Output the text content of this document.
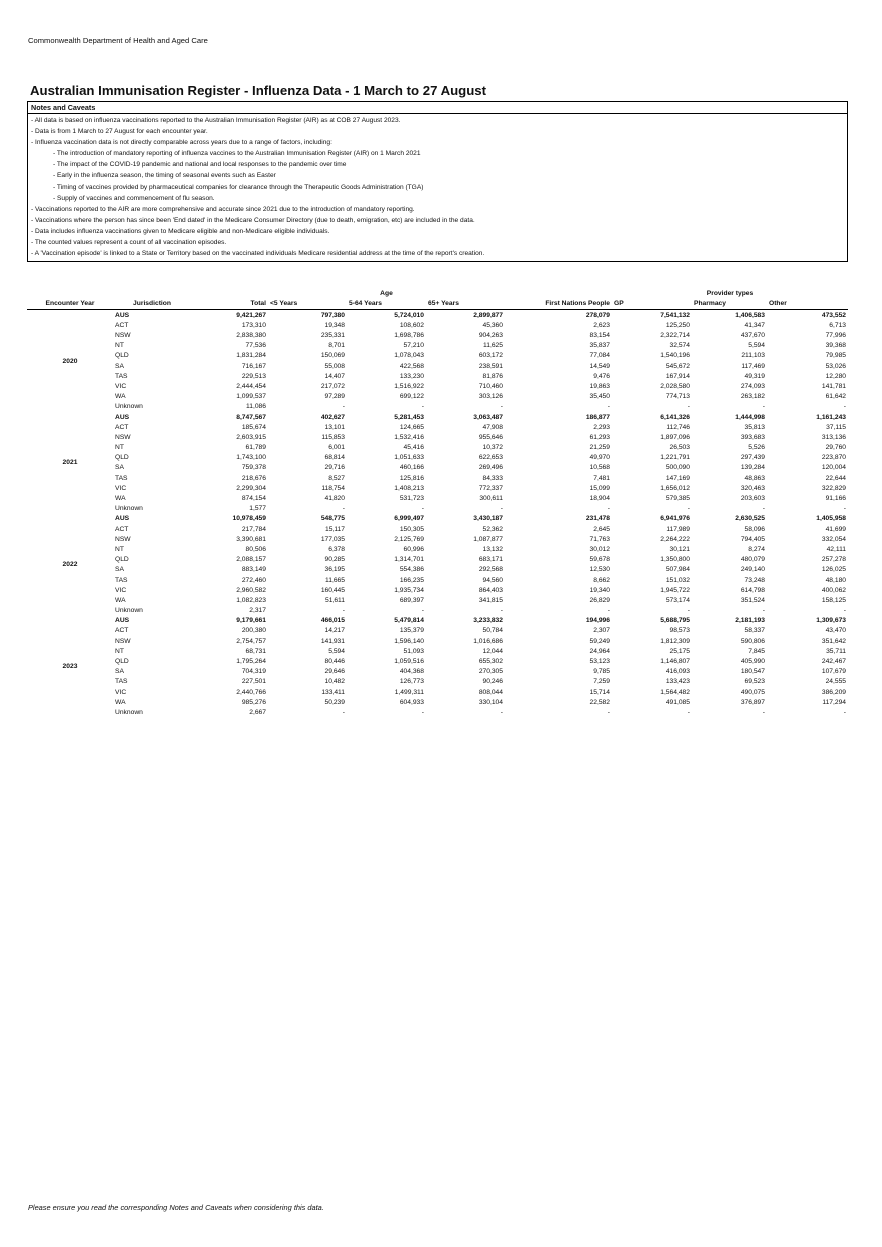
Commonwealth Department of Health and Aged Care
Australian Immunisation Register - Influenza Data - 1 March to 27 August
Notes and Caveats
- All data is based on influenza vaccinations reported to the Australian Immunisation Register (AIR) as at COB 27 August 2023.
- Data is from 1 March to 27 August for each encounter year.
- Influenza vaccination data is not directly comparable across years due to a range of factors, including:
- The introduction of mandatory reporting of influenza vaccines to the Australian Immunisation Register (AIR) on 1 March 2021
- The impact of the COVID-19 pandemic and national and local responses to the pandemic over time
- Early in the influenza season, the timing of seasonal events such as Easter
- Timing of vaccines provided by pharmaceutical companies for clearance through the Therapeutic Goods Administration (TGA)
- Supply of vaccines and commencement of flu season.
- Vaccinations reported to the AIR are more comprehensive and accurate since 2021 due to the introduction of mandatory reporting.
- Vaccinations where the person has since been 'End dated' in the Medicare Consumer Directory (due to death, emigration, etc) are included in the data.
- Data includes influenza vaccinations given to Medicare eligible and non-Medicare eligible individuals.
- The counted values represent a count of all vaccination episodes.
- A 'Vaccination episode' is linked to a State or Territory based on the vaccinated individuals Medicare residential address at the time of the report's creation.
			Age				Provider types		
Encounter Year	Jurisdiction	Total	<5 Years	5-64 Years	65+ Years	First Nations People	GP	Pharmacy	Other
2020	AUS	9,421,267	797,380	5,724,010	2,899,877	278,079	7,541,132	1,406,583	473,552
	ACT	173,310	19,348	108,602	45,360	2,623	125,250	41,347	6,713
	NSW	2,838,380	235,331	1,698,786	904,263	83,154	2,322,714	437,670	77,996
	NT	77,536	8,701	57,210	11,625	35,837	32,574	5,594	39,368
	QLD	1,831,284	150,069	1,078,043	603,172	77,084	1,540,196	211,103	79,985
	SA	716,167	55,008	422,568	238,591	14,549	545,672	117,469	53,026
	TAS	229,513	14,407	133,230	81,876	9,476	167,914	49,319	12,280
	VIC	2,444,454	217,072	1,516,922	710,460	19,863	2,028,580	274,093	141,781
	WA	1,099,537	97,289	699,122	303,126	35,450	774,713	263,182	61,642
	Unknown	11,086	-	-	-	-	-	-	-
2021	AUS	8,747,567	402,627	5,281,453	3,063,487	186,877	6,141,326	1,444,998	1,161,243
	ACT	185,674	13,101	124,665	47,908	2,293	112,746	35,813	37,115
	NSW	2,603,915	115,853	1,532,416	955,646	61,293	1,897,096	393,683	313,136
	NT	61,789	6,001	45,416	10,372	21,259	26,503	5,526	29,760
	QLD	1,743,100	68,814	1,051,633	622,653	49,970	1,221,791	297,439	223,870
	SA	759,378	29,716	460,166	269,496	10,568	500,090	139,284	120,004
	TAS	218,676	8,527	125,816	84,333	7,481	147,169	48,863	22,644
	VIC	2,299,304	118,754	1,408,213	772,337	15,099	1,656,012	320,463	322,829
	WA	874,154	41,820	531,723	300,611	18,904	579,385	203,603	91,166
	Unknown	1,577	-	-	-	-	-	-	-
2022	AUS	10,978,459	548,775	6,999,497	3,430,187	231,478	6,941,976	2,630,525	1,405,958
	ACT	217,784	15,117	150,305	52,362	2,645	117,989	58,096	41,699
	NSW	3,390,681	177,035	2,125,769	1,087,877	71,763	2,264,222	794,405	332,054
	NT	80,506	6,378	60,996	13,132	30,012	30,121	8,274	42,111
	QLD	2,088,157	90,285	1,314,701	683,171	59,678	1,350,800	480,079	257,278
	SA	883,149	36,195	554,386	292,568	12,530	507,984	249,140	126,025
	TAS	272,460	11,665	166,235	94,560	8,662	151,032	73,248	48,180
	VIC	2,960,582	160,445	1,935,734	864,403	19,340	1,945,722	614,798	400,062
	WA	1,082,823	51,611	689,397	341,815	26,829	573,174	351,524	158,125
	Unknown	2,317	-	-	-	-	-	-	-
2023	AUS	9,179,661	466,015	5,479,814	3,233,832	194,996	5,688,795	2,181,193	1,309,673
	ACT	200,380	14,217	135,379	50,784	2,307	98,573	58,337	43,470
	NSW	2,754,757	141,931	1,596,140	1,016,686	59,249	1,812,309	590,806	351,642
	NT	68,731	5,594	51,093	12,044	24,964	25,175	7,845	35,711
	QLD	1,795,264	80,446	1,059,516	655,302	53,123	1,146,807	405,990	242,467
	SA	704,319	29,646	404,368	270,305	9,785	416,093	180,547	107,679
	TAS	227,501	10,482	126,773	90,246	7,259	133,423	69,523	24,555
	VIC	2,440,766	133,411	1,499,311	808,044	15,714	1,564,482	490,075	386,209
	WA	985,276	50,239	604,933	330,104	22,582	491,085	376,897	117,294
	Unknown	2,667	-	-	-	-	-	-	-
Please ensure you read the corresponding Notes and Caveats when considering this data.
